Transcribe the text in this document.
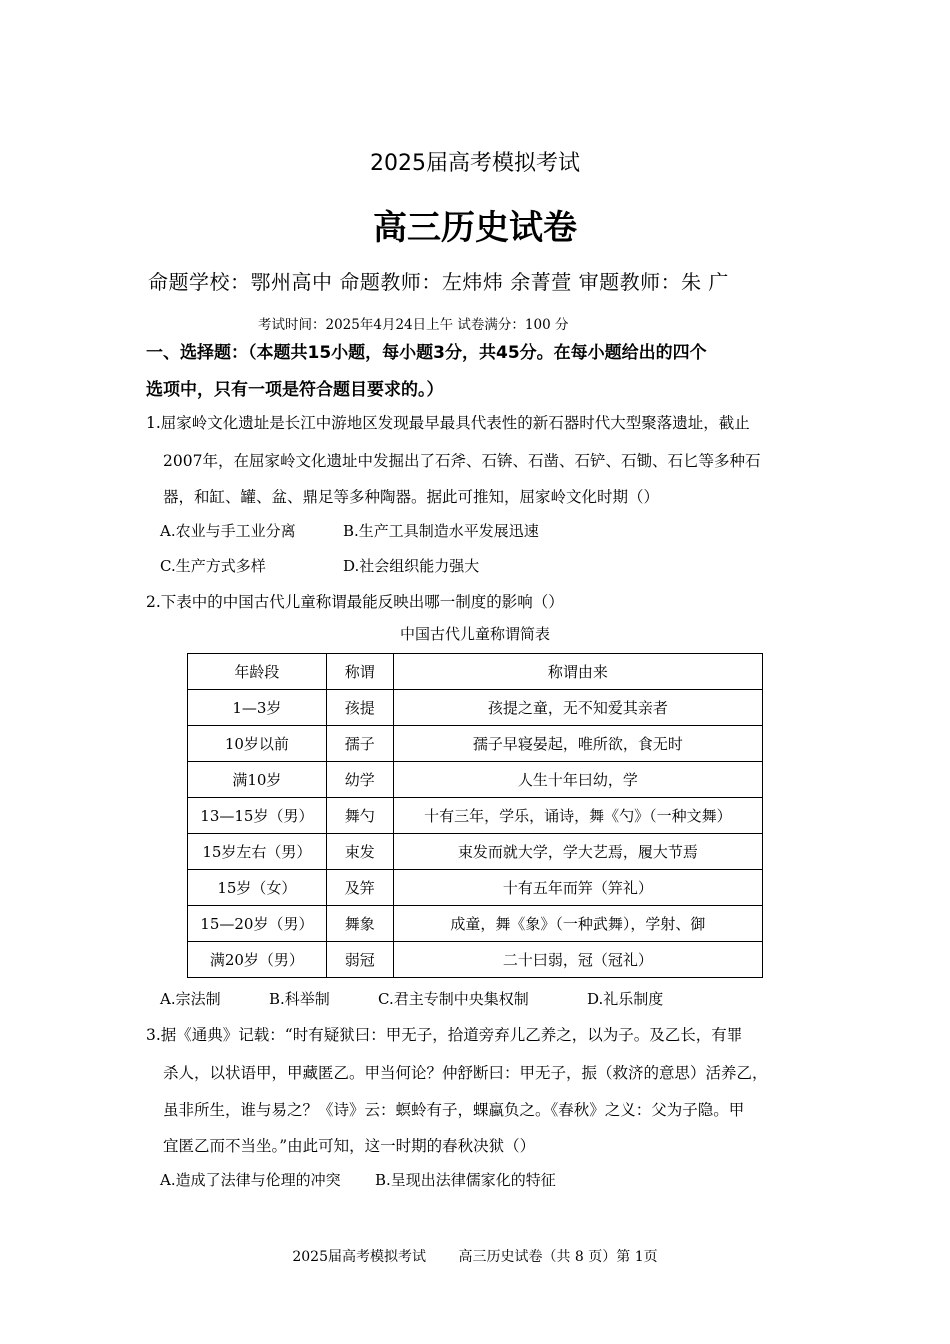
2025届高考模拟考试
高三历史试卷
命题学校：鄂州高中 命题教师：左炜炜 余菁萱 审题教师：朱 广
考试时间：2025年4月24日上午 试卷满分：100 分
一、选择题：（本题共15小题，每小题3分，共45分。在每小题给出的四个
选项中，只有一项是符合题目要求的。）
1.屈家岭文化遗址是长江中游地区发现最早最具代表性的新石器时代大型聚落遗址，截止
2007年，在屈家岭文化遗址中发掘出了石斧、石锛、石凿、石铲、石锄、石匕等多种石
器，和缸、罐、盆、鼎足等多种陶器。据此可推知，屈家岭文化时期（）
A.农业与手工业分离	B.生产工具制造水平发展迅速
C.生产方式多样	D.社会组织能力强大
2.下表中的中国古代儿童称谓最能反映出哪一制度的影响（）
中国古代儿童称谓简表
年龄段	称谓	称谓由来
1—3岁	孩提	孩提之童，无不知爱其亲者
10岁以前	孺子	孺子早寝晏起，唯所欲，食无时
满10岁	幼学	人生十年曰幼，学
13—15岁（男）	舞勺	十有三年，学乐，诵诗，舞《勺》（一种文舞）
15岁左右（男）	束发	束发而就大学，学大艺焉，履大节焉
15岁（女）	及笄	十有五年而笄（笄礼）
15—20岁（男）	舞象	成童，舞《象》（一种武舞），学射、御
满20岁（男）	弱冠	二十曰弱，冠（冠礼）
A.宗法制	B.科举制	C.君主专制中央集权制	D.礼乐制度
3.据《通典》记载：“时有疑狱曰：甲无子，拾道旁弃儿乙养之，以为子。及乙长，有罪
杀人，以状语甲，甲藏匿乙。甲当何论？仲舒断曰：甲无子，振（救济的意思）活养乙，
虽非所生，谁与易之？《诗》云：螟蛉有子，蜾蠃负之。《春秋》之义：父为子隐。甲
宜匿乙而不当坐。”由此可知，这一时期的春秋决狱（）
A.造成了法律与伦理的冲突 B.呈现出法律儒家化的特征
2025届高考模拟考试 高三历史试卷（共 8 页）第 1页
